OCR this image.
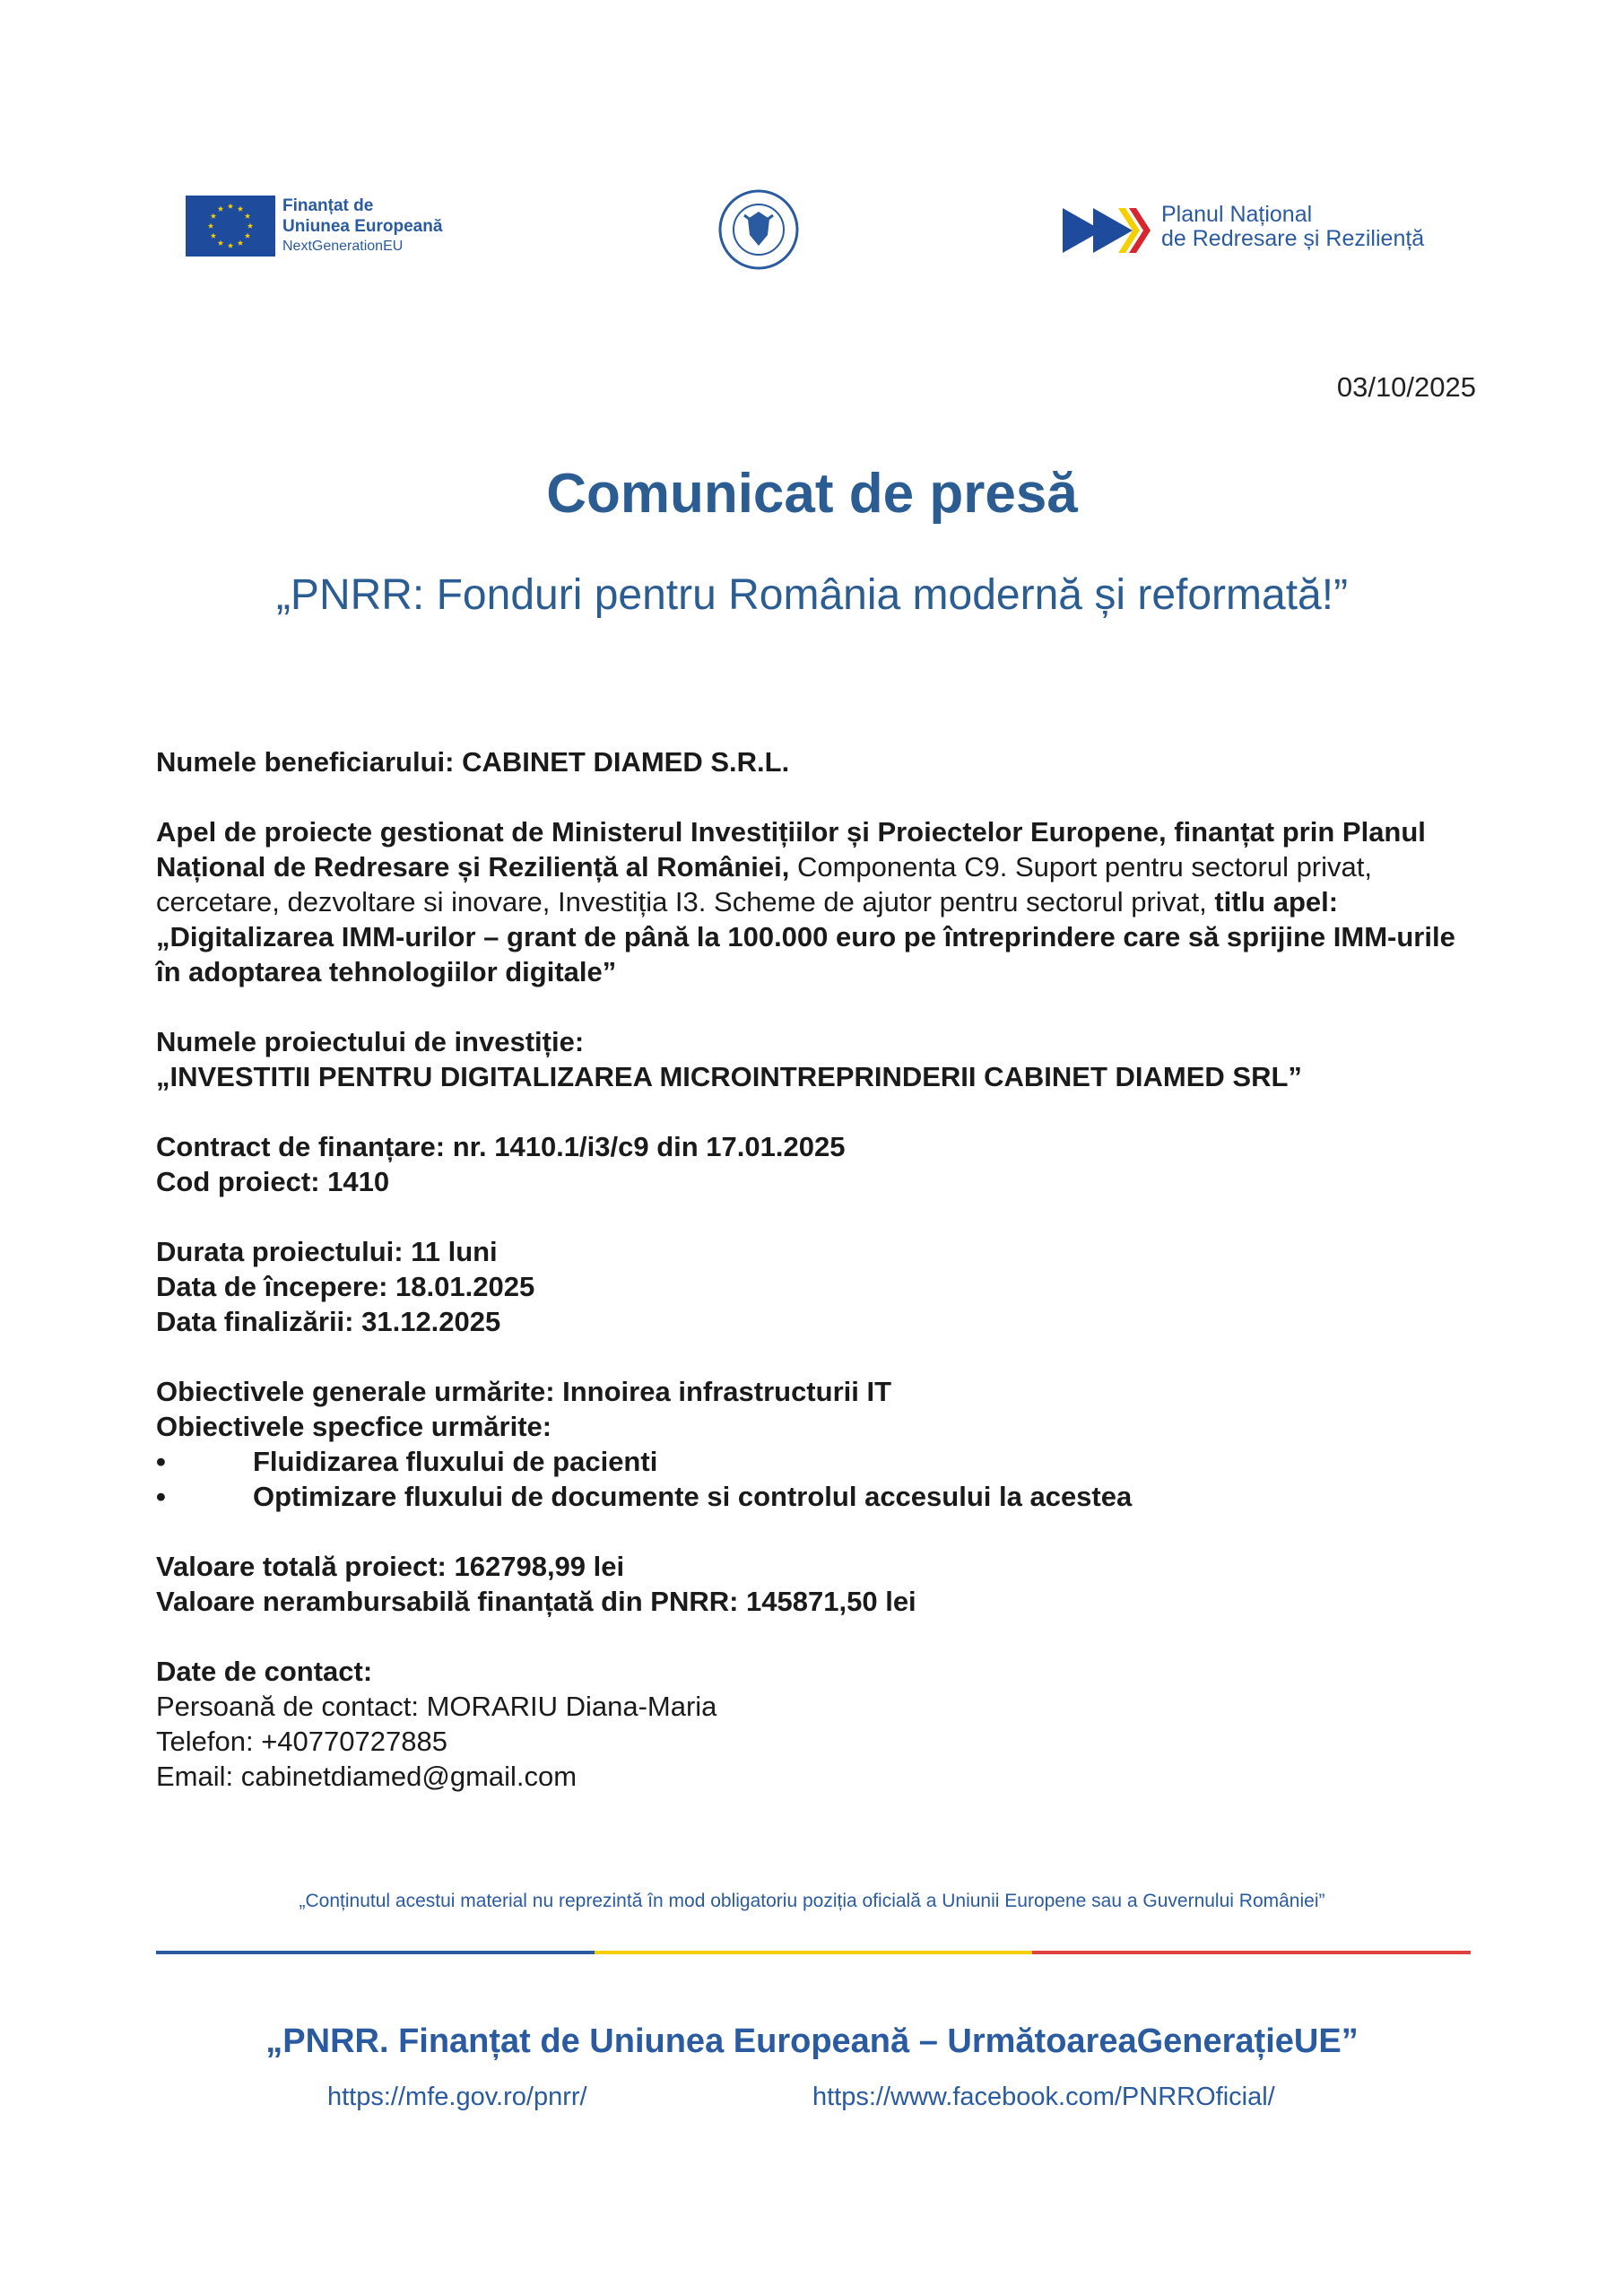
Finanțat de
Uniunea Europeană
NextGenerationEU
Planul Național
de Redresare și Reziliență
03/10/2025
Comunicat de presă
„PNRR: Fonduri pentru România modernă și reformată!”

Numele beneficiarului: CABINET DIAMED S.R.L.

Apel de proiecte gestionat de Ministerul Investițiilor și Proiectelor Europene, finanțat prin Planul Național de Redresare și Reziliență al României, Componenta C9. Suport pentru sectorul privat, cercetare, dezvoltare si inovare, Investiția I3. Scheme de ajutor pentru sectorul privat, titlu apel: „Digitalizarea IMM-urilor – grant de până la 100.000 euro pe întreprindere care să sprijine IMM-urile în adoptarea tehnologiilor digitale”

Numele proiectului de investiție:

„INVESTITII PENTRU DIGITALIZAREA MICROINTREPRINDERII CABINET DIAMED SRL”

Contract de finanțare: nr. 1410.1/i3/c9 din 17.01.2025

Cod proiect: 1410

Durata proiectului: 11 luni

Data de începere: 18.01.2025

Data finalizării: 31.12.2025

Obiectivele generale urmărite: Innoirea infrastructurii IT

Obiectivele specfice urmărite:

•	Fluidizarea fluxului de pacienti
•	Optimizare fluxului de documente si controlul accesului la acestea

Valoare totală proiect: 162798,99 lei

Valoare nerambursabilă finanțată din PNRR: 145871,50 lei

Date de contact:

Persoană de contact: MORARIU Diana-Maria

Telefon: +40770727885

Email: cabinetdiamed@gmail.com

„Conținutul acestui material nu reprezintă în mod obligatoriu poziția oficială a Uniunii Europene sau a Guvernului României”
„PNRR. Finanțat de Uniunea Europeană – UrmătoareaGenerațieUE”
https://mfe.gov.ro/pnrr/	https://www.facebook.com/PNRROficial/
